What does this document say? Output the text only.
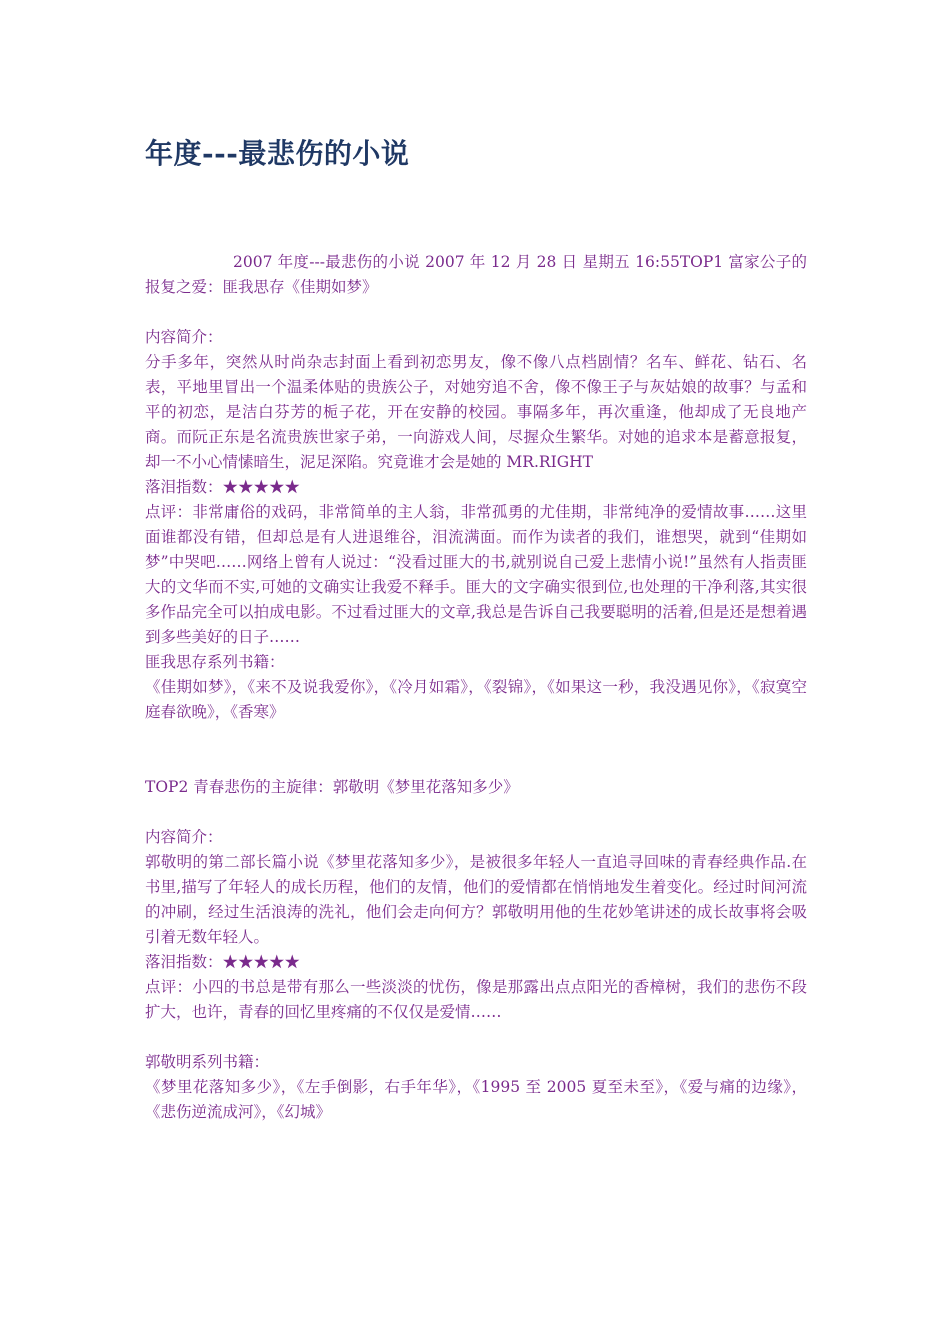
年度---最悲伤的小说

2007 年度---最悲伤的小说 2007 年 12 月 28 日 星期五 16:55TOP1 富家公子的报复之爱：匪我思存《佳期如梦》

内容简介：

分手多年，突然从时尚杂志封面上看到初恋男友，像不像八点档剧情？名车、鲜花、钻石、名表，平地里冒出一个温柔体贴的贵族公子，对她穷追不舍，像不像王子与灰姑娘的故事？与孟和平的初恋，是洁白芬芳的栀子花，开在安静的校园。事隔多年，再次重逢，他却成了无良地产商。而阮正东是名流贵族世家子弟，一向游戏人间，尽握众生繁华。对她的追求本是蓄意报复，却一不小心情愫暗生，泥足深陷。究竟谁才会是她的 MR.RIGHT

落泪指数：★★★★★

点评：非常庸俗的戏码，非常简单的主人翁，非常孤勇的尤佳期，非常纯净的爱情故事……这里面谁都没有错，但却总是有人进退维谷，泪流满面。而作为读者的我们，谁想哭，就到“佳期如梦”中哭吧……网络上曾有人说过：“没看过匪大的书,就别说自己爱上悲情小说!”虽然有人指责匪大的文华而不实,可她的文确实让我爱不释手。匪大的文字确实很到位,也处理的干净利落,其实很多作品完全可以拍成电影。不过看过匪大的文章,我总是告诉自己我要聪明的活着,但是还是想着遇到多些美好的日子……

匪我思存系列书籍：

《佳期如梦》，《来不及说我爱你》，《冷月如霜》，《裂锦》，《如果这一秒，我没遇见你》，《寂寞空庭春欲晚》，《香寒》

TOP2 青春悲伤的主旋律：郭敬明《梦里花落知多少》

内容简介：

郭敬明的第二部长篇小说《梦里花落知多少》，是被很多年轻人一直追寻回味的青春经典作品.在书里,描写了年轻人的成长历程，他们的友情，他们的爱情都在悄悄地发生着变化。经过时间河流的冲刷，经过生活浪涛的洗礼，他们会走向何方？郭敬明用他的生花妙笔讲述的成长故事将会吸引着无数年轻人。

落泪指数：★★★★★

点评：小四的书总是带有那么一些淡淡的忧伤，像是那露出点点阳光的香樟树，我们的悲伤不段扩大，也许，青春的回忆里疼痛的不仅仅是爱情……

郭敬明系列书籍：

《梦里花落知多少》，《左手倒影，右手年华》，《1995 至 2005 夏至未至》，《爱与痛的边缘》，《悲伤逆流成河》，《幻城》
